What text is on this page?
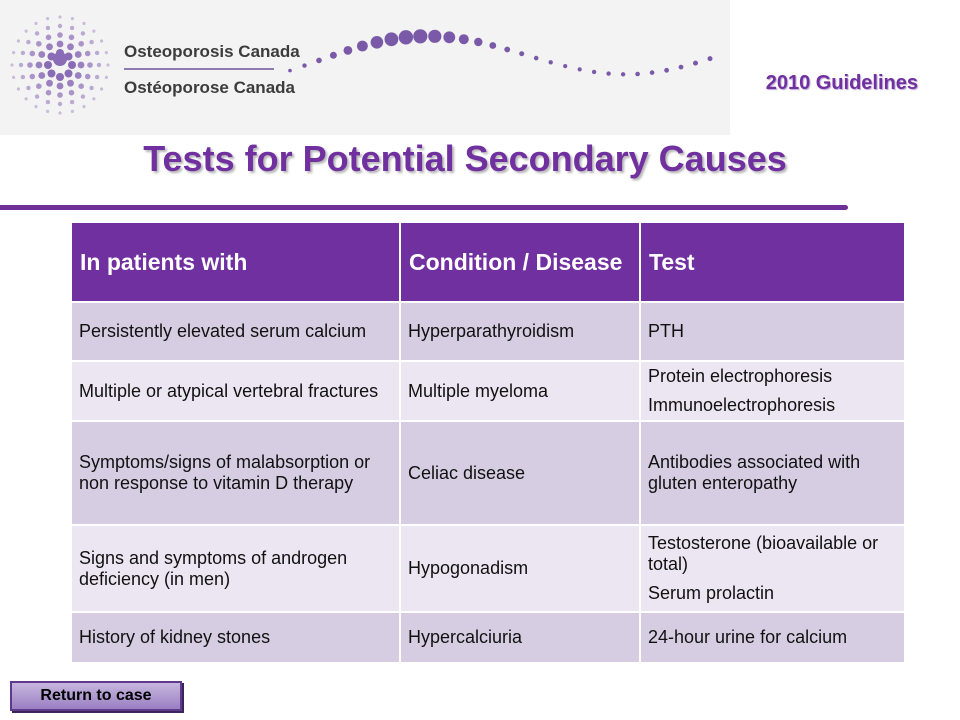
Osteoporosis Canada
Ostéoporose Canada	2010 Guidelines
Tests for Potential Secondary Causes
In patients with	Condition / Disease	Test
Persistently elevated serum calcium	Hyperparathyroidism	PTH

Multiple or atypical vertebral fractures	Multiple myeloma	Protein electrophoresis
Immunoelectrophoresis

Symptoms/signs of malabsorption or non response to vitamin D therapy	Celiac disease	Antibodies associated with gluten enteropathy

Signs and symptoms of androgen deficiency (in men)	Hypogonadism	Testosterone (bioavailable or total)
Serum prolactin

History of kidney stones	Hypercalciuria	24-hour urine for calcium
Return to case
